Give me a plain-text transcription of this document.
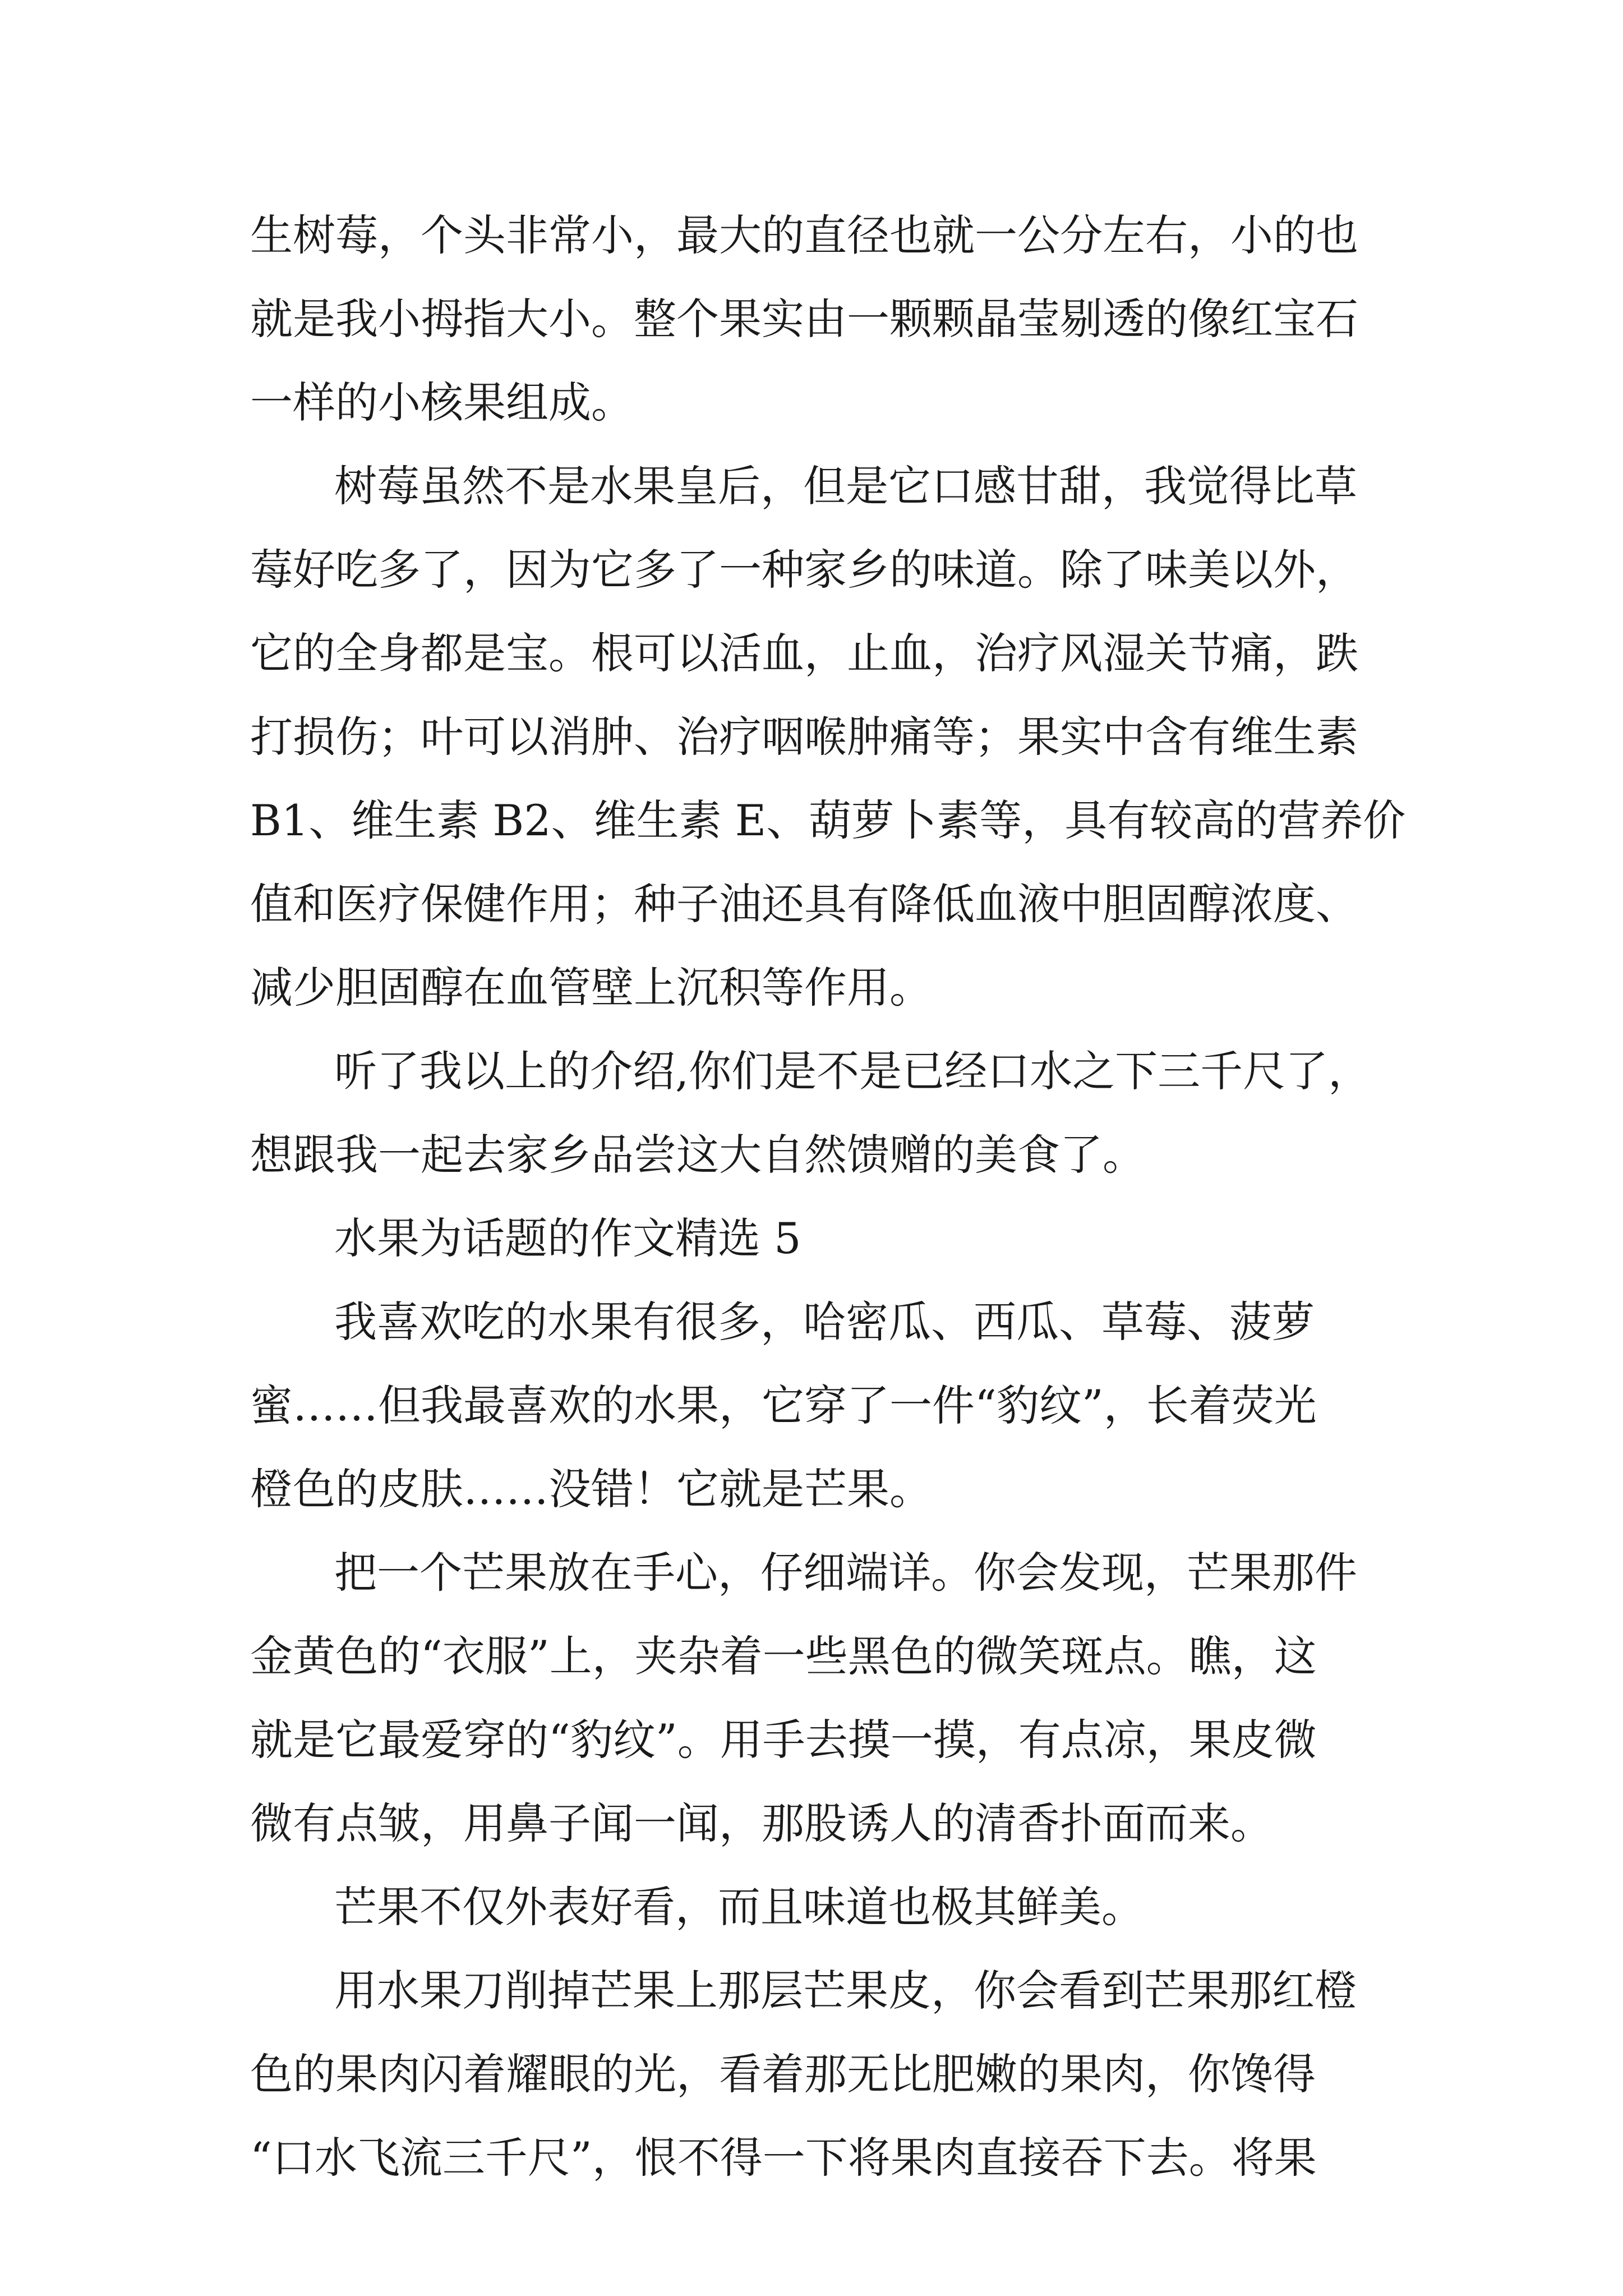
生树莓，个头非常小，最大的直径也就一公分左右，小的也
就是我小拇指大小。整个果实由一颗颗晶莹剔透的像红宝石
一样的小核果组成。
树莓虽然不是水果皇后，但是它口感甘甜，我觉得比草
莓好吃多了，因为它多了一种家乡的味道。除了味美以外，
它的全身都是宝。根可以活血，止血，治疗风湿关节痛，跌
打损伤；叶可以消肿、治疗咽喉肿痛等；果实中含有维生素
B1、维生素 B2、维生素 E、葫萝卜素等，具有较高的营养价
值和医疗保健作用；种子油还具有降低血液中胆固醇浓度、
减少胆固醇在血管壁上沉积等作用。
听了我以上的介绍,你们是不是已经口水之下三千尺了，
想跟我一起去家乡品尝这大自然馈赠的美食了。
水果为话题的作文精选 5
我喜欢吃的水果有很多，哈密瓜、西瓜、草莓、菠萝
蜜……但我最喜欢的水果，它穿了一件“豹纹”，长着荧光
橙色的皮肤……没错！它就是芒果。
把一个芒果放在手心，仔细端详。你会发现，芒果那件
金黄色的“衣服”上，夹杂着一些黑色的微笑斑点。瞧，这
就是它最爱穿的“豹纹”。用手去摸一摸，有点凉，果皮微
微有点皱，用鼻子闻一闻，那股诱人的清香扑面而来。
芒果不仅外表好看，而且味道也极其鲜美。
用水果刀削掉芒果上那层芒果皮，你会看到芒果那红橙
色的果肉闪着耀眼的光，看着那无比肥嫩的果肉，你馋得
“口水飞流三千尺”，恨不得一下将果肉直接吞下去。将果
